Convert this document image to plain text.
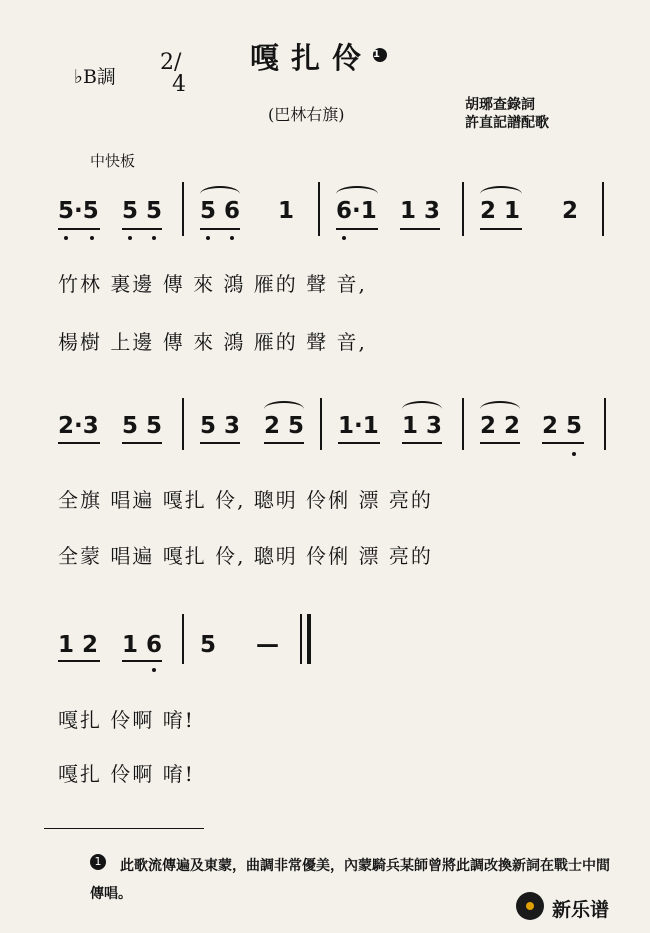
♭B調
2/
4
嘎扎伶1
(巴林右旗)	胡琊查錄詞
許直記譜配歌
中快板
5·5 5 5 5 6 1 6·1 1 3 2 1 2
竹林 裏邊 傳 來 鴻 雁的 聲 音,
楊樹 上邊 傳 來 鴻 雁的 聲 音,
2·3 5 5 5 3 2 5 1·1 1 3 2 2 2 5
全旗 唱遍 嘎扎 伶, 聰明 伶俐 漂 亮的
全蒙 唱遍 嘎扎 伶, 聰明 伶俐 漂 亮的
1 2 1 6 5 —
嘎扎 伶啊 唷!
嘎扎 伶啊 唷!
1	此歌流傳遍及東蒙，曲調非常優美，內蒙騎兵某師曾將此調改換新詞在戰士中間傳唱。
新乐谱
